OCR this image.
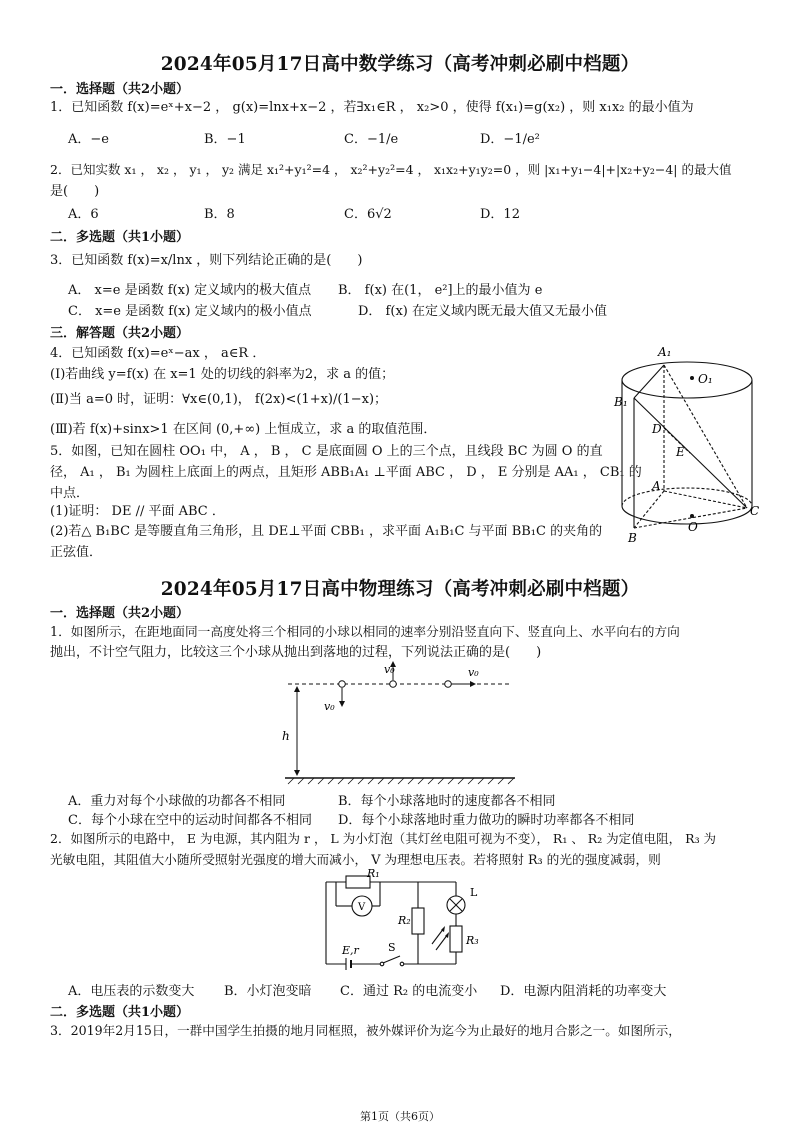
2024年05月17日高中数学练习（高考冲刺必刷中档题）
一．选择题（共2小题）
1．已知函数 f(x)=eˣ+x−2 ， g(x)=lnx+x−2 ，若∃x₁∈R ， x₂>0 ，使得 f(x₁)=g(x₂) ，则 x₁x₂ 的最小值为
A．−e	B．−1	C．−1/e	D．−1/e²
2．已知实数 x₁ ， x₂ ， y₁ ， y₂ 满足 x₁²+y₁²=4 ， x₂²+y₂²=4 ， x₁x₂+y₁y₂=0 ，则 |x₁+y₁−4|+|x₂+y₂−4| 的最大值
是(　　)
A．6	B．8	C．6√2	D．12
二．多选题（共1小题）
3．已知函数 f(x)=x/lnx ，则下列结论正确的是(　　)
A． x=e 是函数 f(x) 定义域内的极大值点 B． f(x) 在(1， e²]上的最小值为 e
C． x=e 是函数 f(x) 定义域内的极小值点	D． f(x) 在定义域内既无最大值又无最小值
三．解答题（共2小题）
4．已知函数 f(x)=eˣ−ax ， a∈R ．
(Ⅰ)若曲线 y=f(x) 在 x=1 处的切线的斜率为2，求 a 的值；
(Ⅱ)当 a=0 时，证明：∀x∈(0,1)， f(2x)<(1+x)/(1−x)；
(Ⅲ)若 f(x)+sinx>1 在区间 (0,+∞) 上恒成立，求 a 的取值范围．
5．如图，已知在圆柱 OO₁ 中， A ， B ， C 是底面圆 O 上的三个点，且线段 BC 为圆 O 的直
径， A₁ ， B₁ 为圆柱上底面上的两点，且矩形 ABB₁A₁ ⊥平面 ABC ， D ， E 分别是 AA₁ ， CB₁ 的
中点．
(1)证明： DE // 平面 ABC ．
(2)若△ B₁BC 是等腰直角三角形，且 DE⊥平面 CBB₁ ，求平面 A₁B₁C 与平面 BB₁C 的夹角的
正弦值．
A₁
O₁
B₁
D
E
A
O
C
B
2024年05月17日高中物理练习（高考冲刺必刷中档题）
一．选择题（共2小题）
1．如图所示，在距地面同一高度处将三个相同的小球以相同的速率分别沿竖直向下、竖直向上、水平向右的方向
抛出，不计空气阻力，比较这三个小球从抛出到落地的过程，下列说法正确的是(　　)
v₀
v₀	v₀
h
A．重力对每个小球做的功都各不相同	B．每个小球落地时的速度都各不相同
C．每个小球在空中的运动时间都各不相同 D．每个小球落地时重力做功的瞬时功率都各不相同
2．如图所示的电路中， E 为电源，其内阻为 r ， L 为小灯泡（其灯丝电阻可视为不变）， R₁ 、 R₂ 为定值电阻， R₃ 为
光敏电阻，其阻值大小随所受照射光强度的增大而减小， V 为理想电压表。若将照射 R₃ 的光的强度减弱，则
R₁
V
R₂
L
R₃
E,r	S
A．电压表的示数变大 B．小灯泡变暗 C．通过 R₂ 的电流变小 D．电源内阻消耗的功率变大
二．多选题（共1小题）
3．2019年2月15日，一群中国学生拍摄的地月同框照，被外媒评价为迄今为止最好的地月合影之一。如图所示，
第1页（共6页）
